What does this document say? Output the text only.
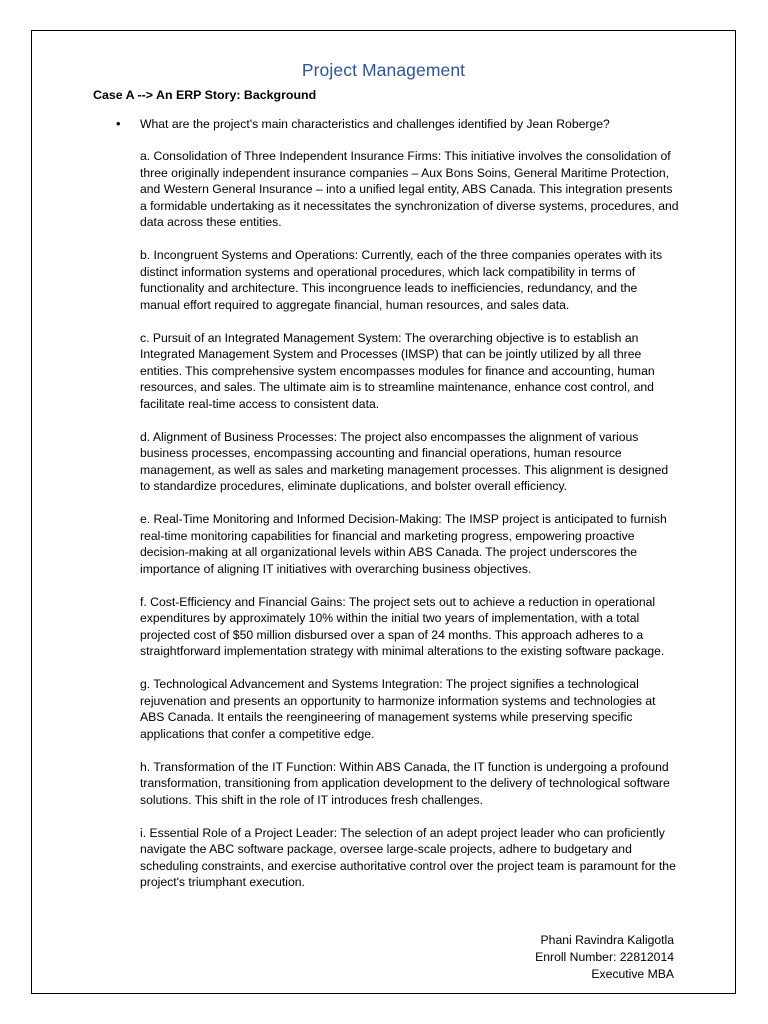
Project Management
Case A --> An ERP Story: Background
• What are the project's main characteristics and challenges identified by Jean Roberge?

a. Consolidation of Three Independent Insurance Firms: This initiative involves the consolidation of three originally independent insurance companies – Aux Bons Soins, General Maritime Protection, and Western General Insurance – into a unified legal entity, ABS Canada. This integration presents a formidable undertaking as it necessitates the synchronization of diverse systems, procedures, and data across these entities.

b. Incongruent Systems and Operations: Currently, each of the three companies operates with its distinct information systems and operational procedures, which lack compatibility in terms of functionality and architecture. This incongruence leads to inefficiencies, redundancy, and the manual effort required to aggregate financial, human resources, and sales data.

c. Pursuit of an Integrated Management System: The overarching objective is to establish an Integrated Management System and Processes (IMSP) that can be jointly utilized by all three entities. This comprehensive system encompasses modules for finance and accounting, human resources, and sales. The ultimate aim is to streamline maintenance, enhance cost control, and facilitate real-time access to consistent data.

d. Alignment of Business Processes: The project also encompasses the alignment of various business processes, encompassing accounting and financial operations, human resource management, as well as sales and marketing management processes. This alignment is designed to standardize procedures, eliminate duplications, and bolster overall efficiency.

e. Real-Time Monitoring and Informed Decision-Making: The IMSP project is anticipated to furnish real-time monitoring capabilities for financial and marketing progress, empowering proactive decision-making at all organizational levels within ABS Canada. The project underscores the importance of aligning IT initiatives with overarching business objectives.

f. Cost-Efficiency and Financial Gains: The project sets out to achieve a reduction in operational expenditures by approximately 10% within the initial two years of implementation, with a total projected cost of $50 million disbursed over a span of 24 months. This approach adheres to a straightforward implementation strategy with minimal alterations to the existing software package.

g. Technological Advancement and Systems Integration: The project signifies a technological rejuvenation and presents an opportunity to harmonize information systems and technologies at ABS Canada. It entails the reengineering of management systems while preserving specific applications that confer a competitive edge.

h. Transformation of the IT Function: Within ABS Canada, the IT function is undergoing a profound transformation, transitioning from application development to the delivery of technological software solutions. This shift in the role of IT introduces fresh challenges.

i. Essential Role of a Project Leader: The selection of an adept project leader who can proficiently navigate the ABC software package, oversee large-scale projects, adhere to budgetary and scheduling constraints, and exercise authoritative control over the project team is paramount for the project's triumphant execution.

Phani Ravindra Kaligotla
Enroll Number: 22812014
Executive MBA
